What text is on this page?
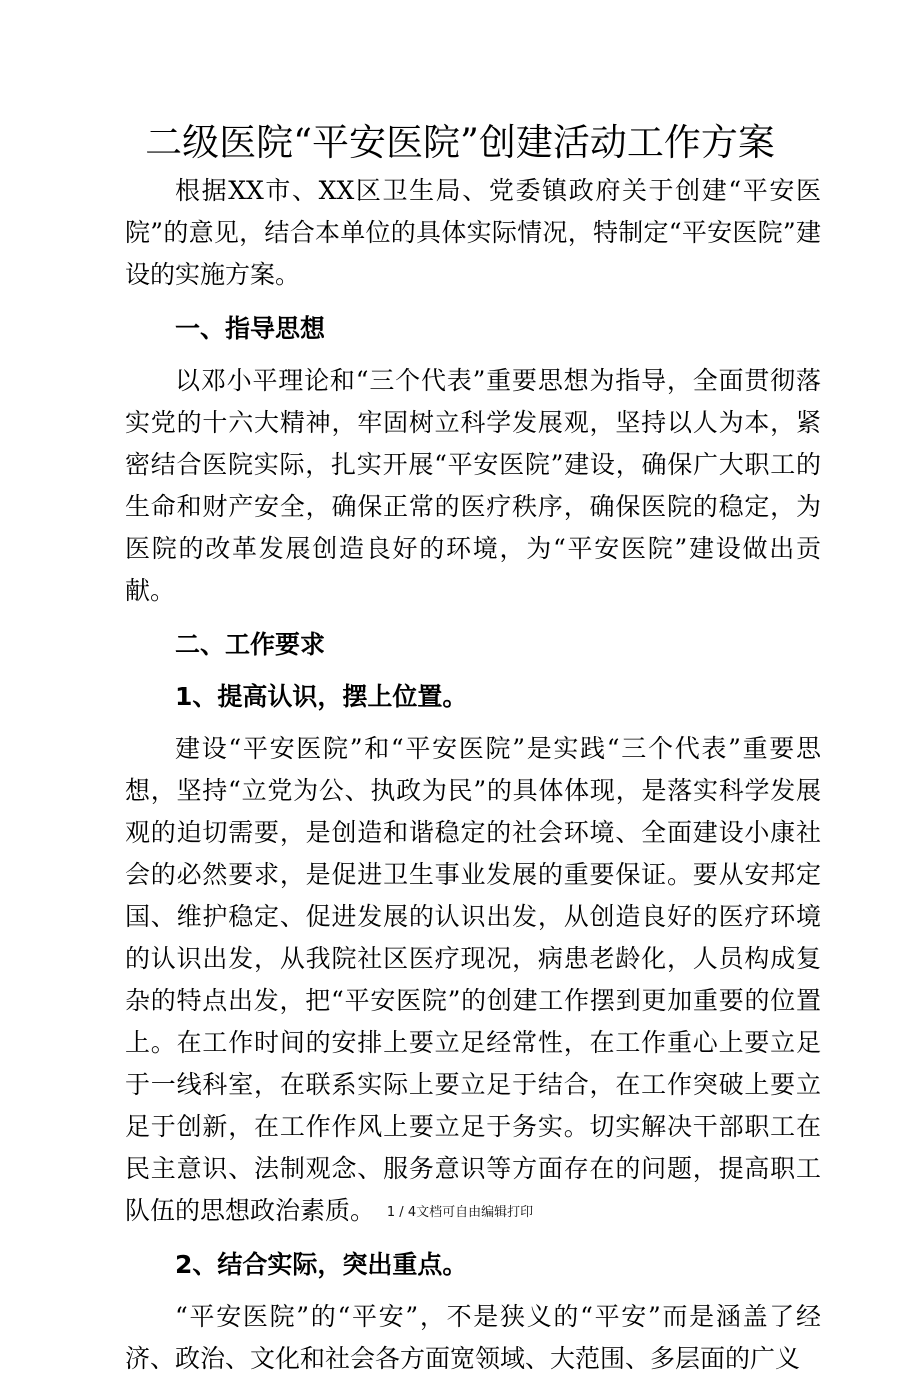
二级医院“平安医院”创建活动工作方案

根据XX市、XX区卫生局、党委镇政府关于创建“平安医院”的意见，结合本单位的具体实际情况，特制定“平安医院”建设的实施方案。

一、指导思想

以邓小平理论和“三个代表”重要思想为指导，全面贯彻落实党的十六大精神，牢固树立科学发展观，坚持以人为本，紧密结合医院实际，扎实开展“平安医院”建设，确保广大职工的生命和财产安全，确保正常的医疗秩序，确保医院的稳定，为医院的改革发展创造良好的环境，为“平安医院”建设做出贡献。

二、工作要求

1、提高认识，摆上位置。

建设“平安医院”和“平安医院”是实践“三个代表”重要思想，坚持“立党为公、执政为民”的具体体现，是落实科学发展观的迫切需要，是创造和谐稳定的社会环境、全面建设小康社会的必然要求，是促进卫生事业发展的重要保证。要从安邦定国、维护稳定、促进发展的认识出发，从创造良好的医疗环境的认识出发，从我院社区医疗现况，病患老龄化，人员构成复杂的特点出发，把“平安医院”的创建工作摆到更加重要的位置上。在工作时间的安排上要立足经常性，在工作重心上要立足于一线科室，在联系实际上要立足于结合，在工作突破上要立足于创新，在工作作风上要立足于务实。切实解决干部职工在民主意识、法制观念、服务意识等方面存在的问题，提高职工队伍的思想政治素质。

2、结合实际，突出重点。

“平安医院”的“平安”，不是狭义的“平安”而是涵盖了经济、政治、文化和社会各方面宽领域、大范围、多层面的广义

1 / 4文档可自由编辑打印
